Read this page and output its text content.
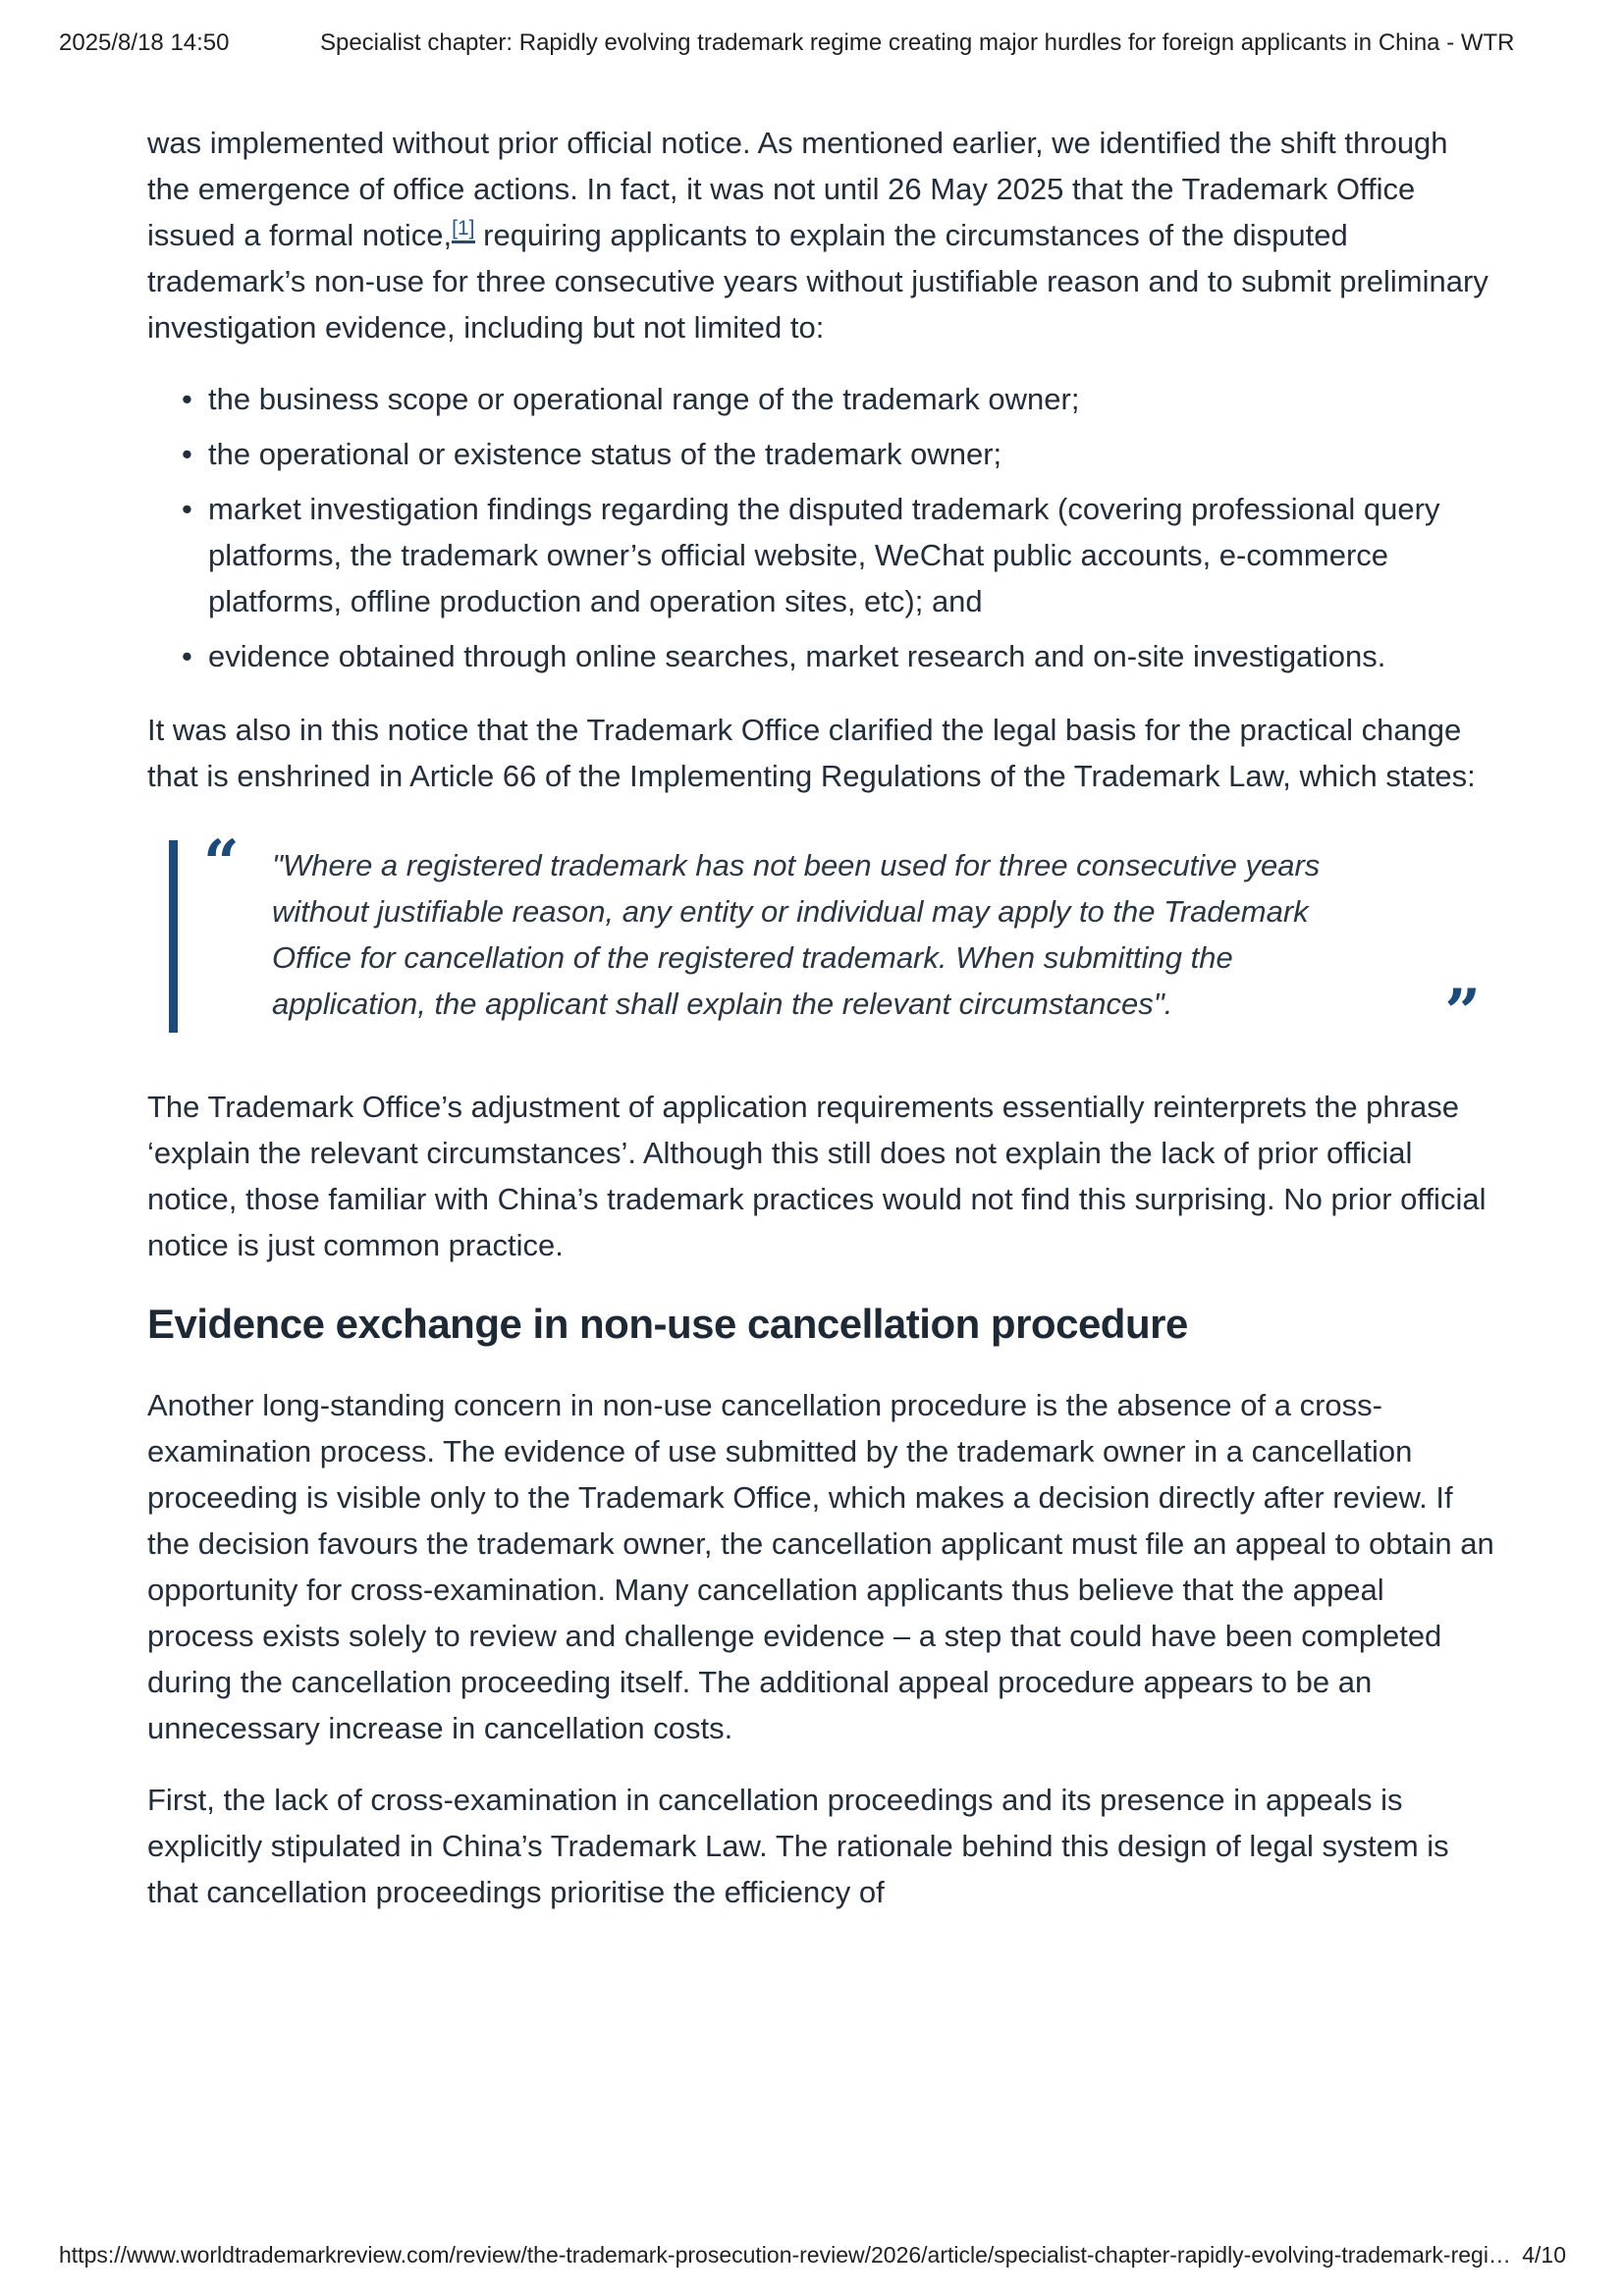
2025/8/18 14:50	Specialist chapter: Rapidly evolving trademark regime creating major hurdles for foreign applicants in China - WTR

was implemented without prior official notice. As mentioned earlier, we identified the shift through the emergence of office actions. In fact, it was not until 26 May 2025 that the Trademark Office issued a formal notice,[1] requiring applicants to explain the circumstances of the disputed trademark’s non-use for three consecutive years without justifiable reason and to submit preliminary investigation evidence, including but not limited to:

• the business scope or operational range of the trademark owner;
• the operational or existence status of the trademark owner;
• market investigation findings regarding the disputed trademark (covering professional query platforms, the trademark owner’s official website, WeChat public accounts, e-commerce platforms, offline production and operation sites, etc); and
• evidence obtained through online searches, market research and on-site investigations.

It was also in this notice that the Trademark Office clarified the legal basis for the practical change that is enshrined in Article 66 of the Implementing Regulations of the Trademark Law, which states:

“ "Where a registered trademark has not been used for three consecutive years without justifiable reason, any entity or individual may apply to the Trademark Office for cancellation of the registered trademark. When submitting the application, the applicant shall explain the relevant circumstances".	”

The Trademark Office’s adjustment of application requirements essentially reinterprets the phrase ‘explain the relevant circumstances’. Although this still does not explain the lack of prior official notice, those familiar with China’s trademark practices would not find this surprising. No prior official notice is just common practice.

Evidence exchange in non-use cancellation procedure

Another long-standing concern in non-use cancellation procedure is the absence of a cross-examination process. The evidence of use submitted by the trademark owner in a cancellation proceeding is visible only to the Trademark Office, which makes a decision directly after review. If the decision favours the trademark owner, the cancellation applicant must file an appeal to obtain an opportunity for cross-examination. Many cancellation applicants thus believe that the appeal process exists solely to review and challenge evidence – a step that could have been completed during the cancellation proceeding itself. The additional appeal procedure appears to be an unnecessary increase in cancellation costs.

First, the lack of cross-examination in cancellation proceedings and its presence in appeals is explicitly stipulated in China’s Trademark Law. The rationale behind this design of legal system is that cancellation proceedings prioritise the efficiency of

https://www.worldtrademarkreview.com/review/the-trademark-prosecution-review/2026/article/specialist-chapter-rapidly-evolving-trademark-regi… 4/10
